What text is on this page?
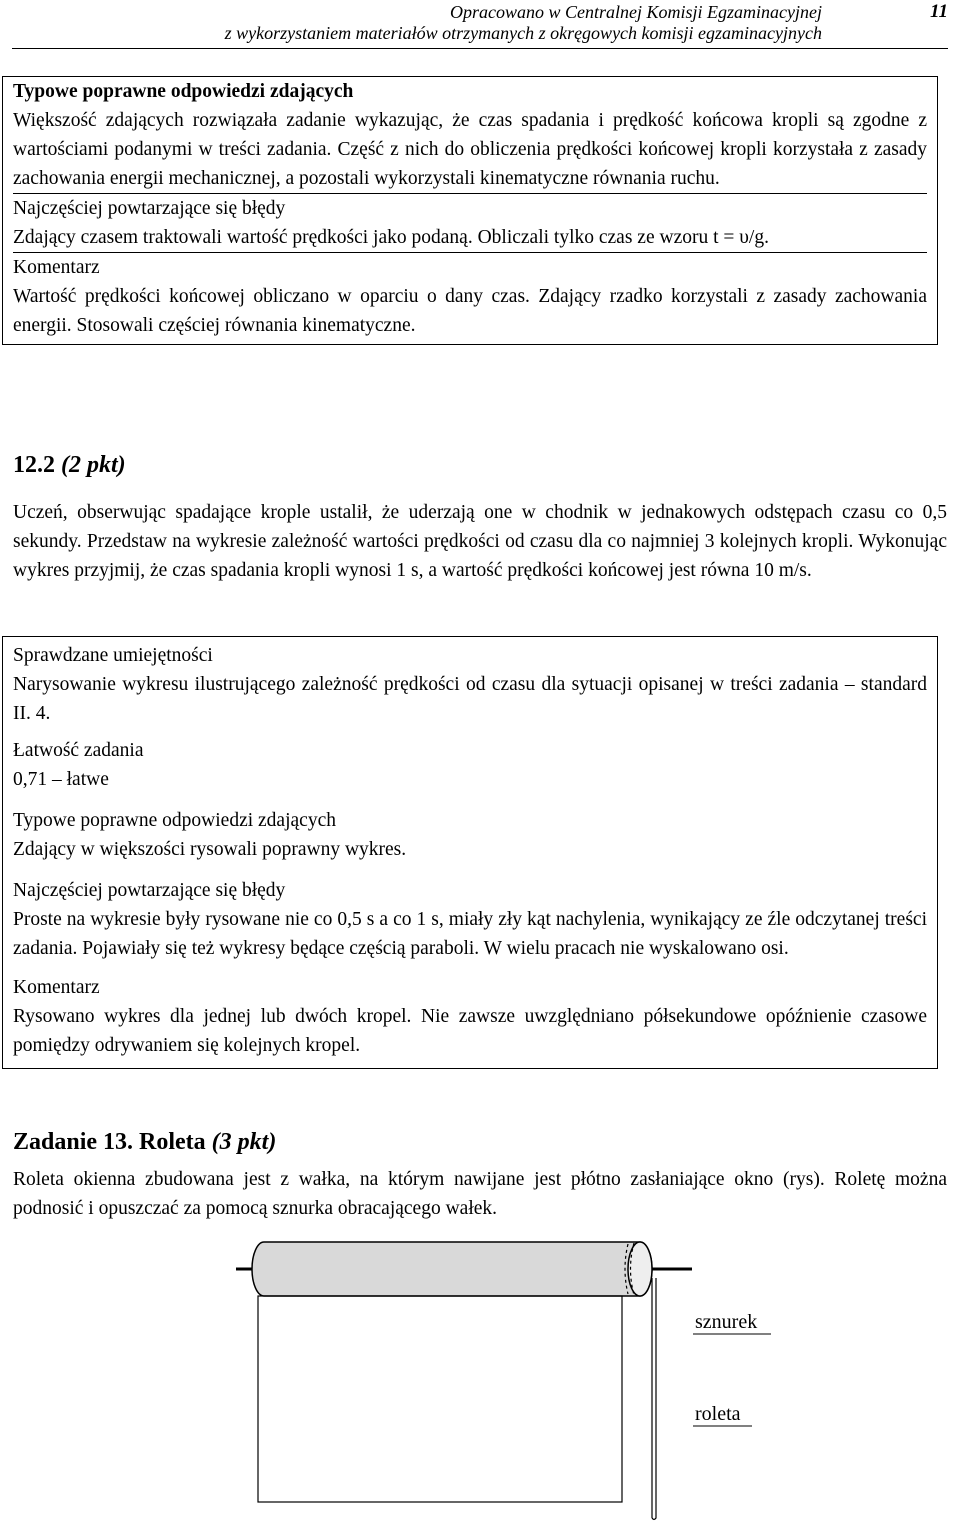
Opracowano w Centralnej Komisji Egzaminacyjnej
z wykorzystaniem materiałów otrzymanych z okręgowych komisji egzaminacyjnych
11
Typowe poprawne odpowiedzi zdających

Większość zdających rozwiązała zadanie wykazując, że czas spadania i prędkość końcowa kropli są zgodne z wartościami podanymi w treści zadania. Część z nich do obliczenia prędkości końcowej kropli korzystała z zasady zachowania energii mechanicznej, a pozostali wykorzystali kinematyczne równania ruchu.

Najczęściej powtarzające się błędy

Zdający czasem traktowali wartość prędkości jako podaną. Obliczali tylko czas ze wzoru t = υ/g.

Komentarz

Wartość prędkości końcowej obliczano w oparciu o dany czas. Zdający rzadko korzystali z zasady zachowania energii. Stosowali częściej równania kinematyczne.

12.2 (2 pkt)

Uczeń, obserwując spadające krople ustalił, że uderzają one w chodnik w jednakowych odstępach czasu co 0,5 sekundy. Przedstaw na wykresie zależność wartości prędkości od czasu dla co najmniej 3 kolejnych kropli. Wykonując wykres przyjmij, że czas spadania kropli wynosi 1 s, a wartość prędkości końcowej jest równa 10 m/s.

Sprawdzane umiejętności

Narysowanie wykresu ilustrującego zależność prędkości od czasu dla sytuacji opisanej w treści zadania – standard II. 4.

Łatwość zadania

0,71 – łatwe

Typowe poprawne odpowiedzi zdających

Zdający w większości rysowali poprawny wykres.

Najczęściej powtarzające się błędy

Proste na wykresie były rysowane nie co 0,5 s a co 1 s, miały zły kąt nachylenia, wynikający ze źle odczytanej treści zadania. Pojawiały się też wykresy będące częścią paraboli. W wielu pracach nie wyskalowano osi.

Komentarz

Rysowano wykres dla jednej lub dwóch kropel. Nie zawsze uwzględniano półsekundowe opóźnienie czasowe pomiędzy odrywaniem się kolejnych kropel.

Zadanie 13. Roleta (3 pkt)

Roleta okienna zbudowana jest z wałka, na którym nawijane jest płótno zasłaniające okno (rys). Roletę można podnosić i opuszczać za pomocą sznurka obracającego wałek.

sznurek
roleta
